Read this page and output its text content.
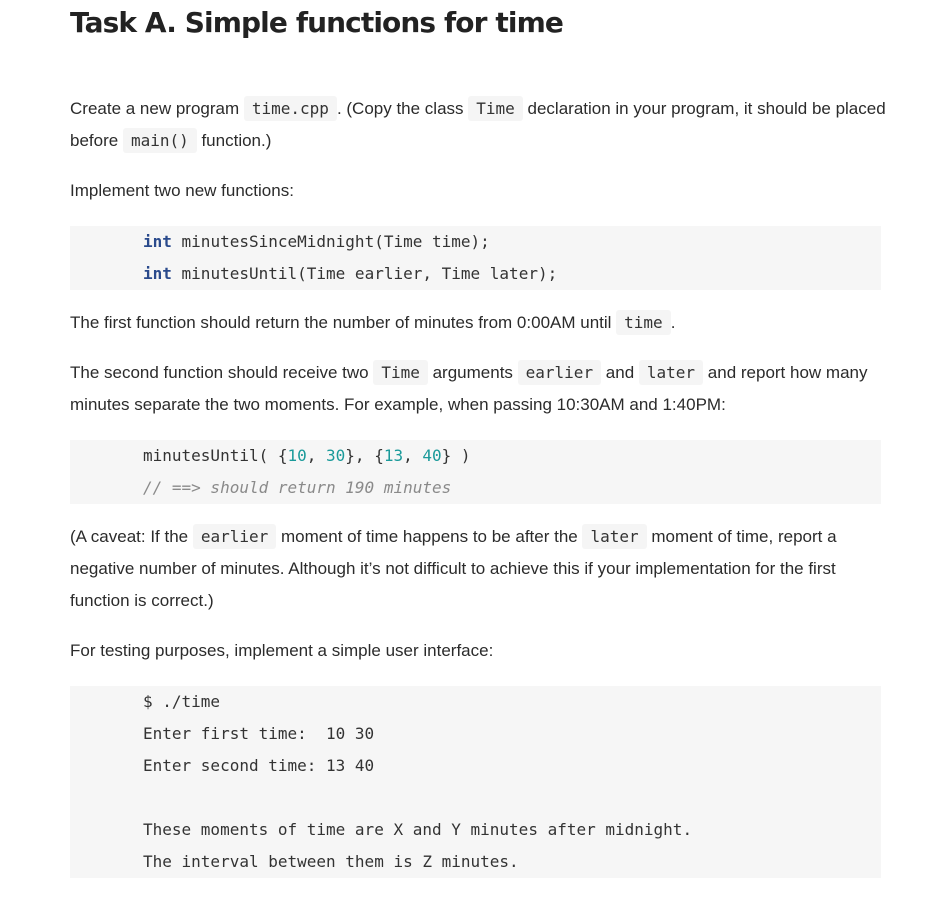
Task A. Simple functions for time

Create a new program time.cpp . (Copy the class Time declaration in your program, it should be placed before main() function.)

Implement two new functions:

int minutesSinceMidnight(Time time);
int minutesUntil(Time earlier, Time later);

The first function should return the number of minutes from 0:00AM until time .

The second function should receive two Time arguments earlier and later and report how many minutes separate the two moments. For example, when passing 10:30AM and 1:40PM:

minutesUntil( {10, 30}, {13, 40} )
// ==> should return 190 minutes

(A caveat: If the earlier moment of time happens to be after the later moment of time, report a negative number of minutes. Although it’s not difficult to achieve this if your implementation for the first function is correct.)

For testing purposes, implement a simple user interface:

$ ./time
Enter first time:  10 30
Enter second time: 13 40
These moments of time are X and Y minutes after midnight.
The interval between them is Z minutes.
